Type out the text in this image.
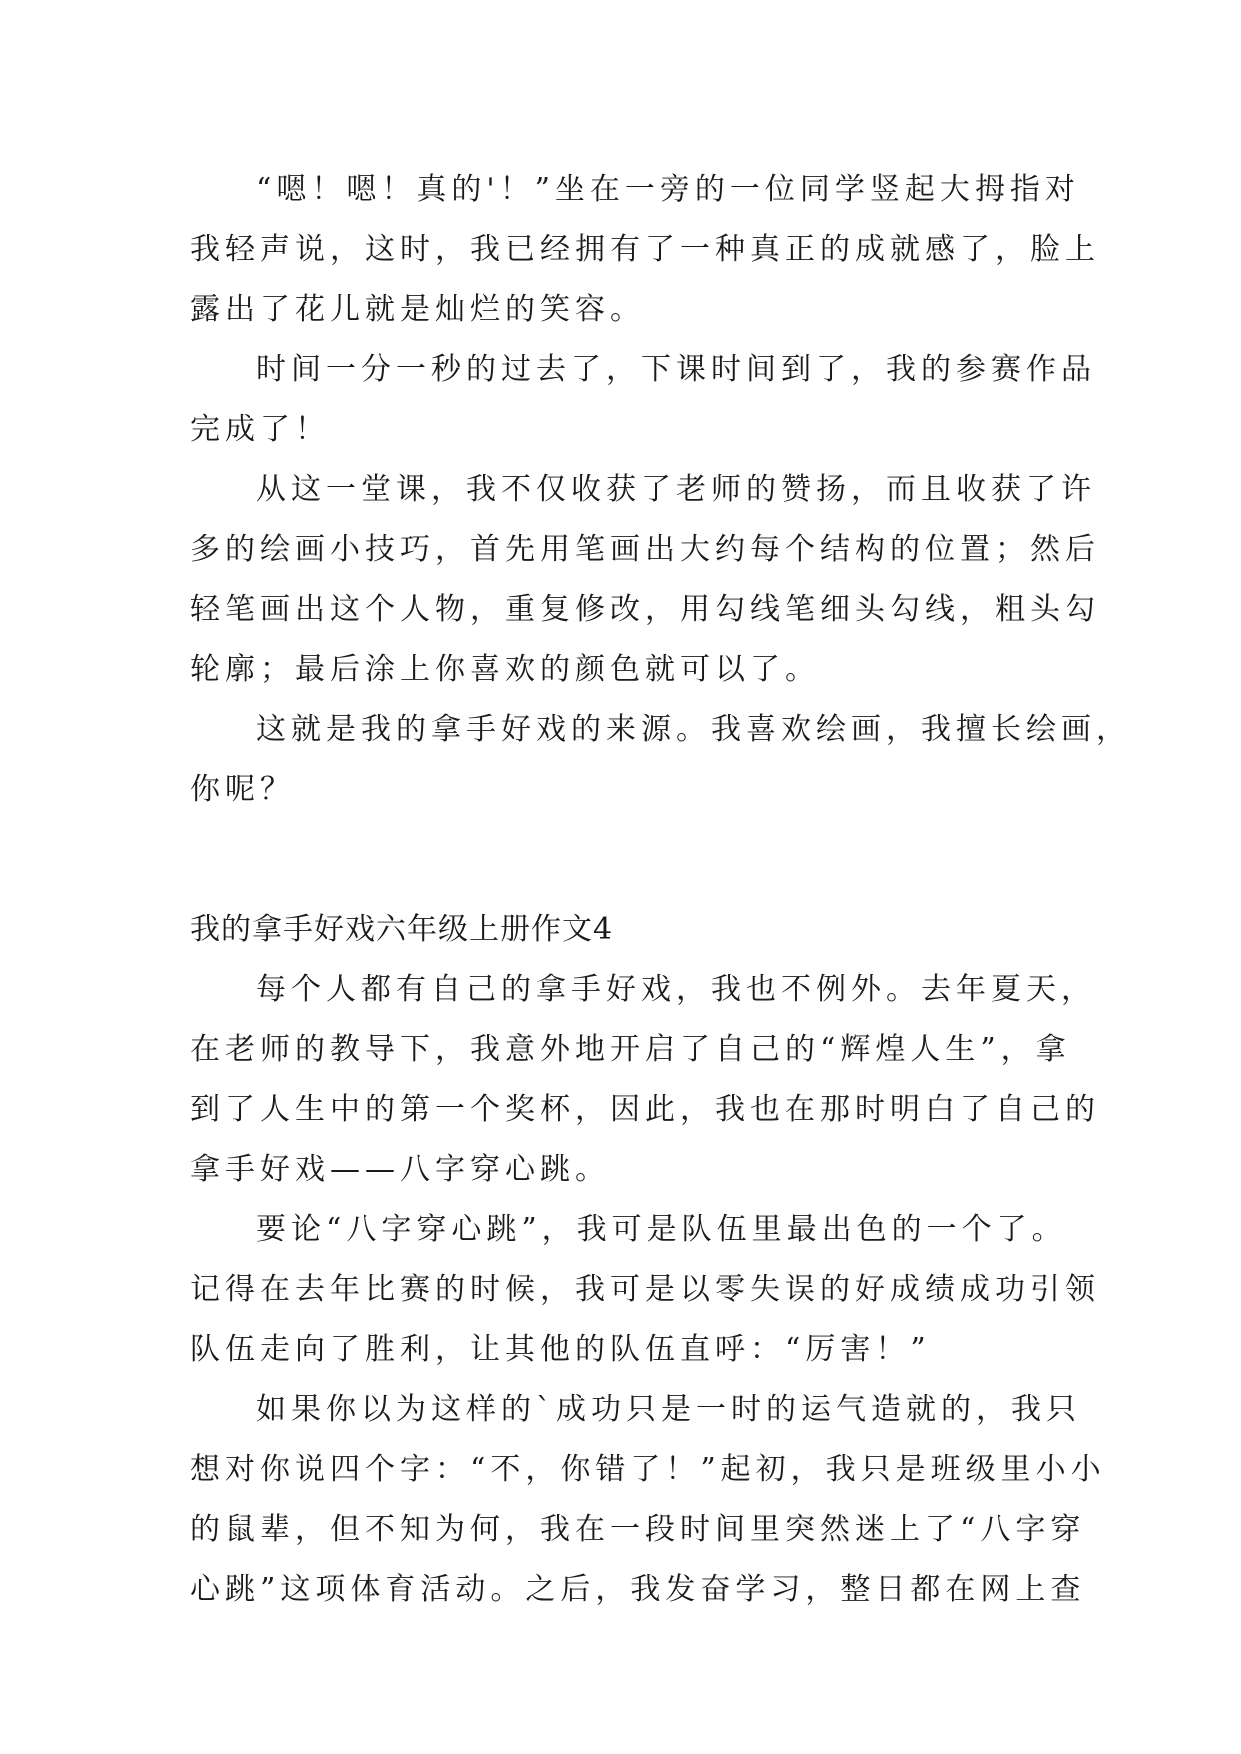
“嗯！嗯！真的'！”坐在一旁的一位同学竖起大拇指对
我轻声说，这时，我已经拥有了一种真正的成就感了，脸上
露出了花儿就是灿烂的笑容。
时间一分一秒的过去了，下课时间到了，我的参赛作品
完成了！
从这一堂课，我不仅收获了老师的赞扬，而且收获了许
多的绘画小技巧，首先用笔画出大约每个结构的位置；然后
轻笔画出这个人物，重复修改，用勾线笔细头勾线，粗头勾
轮廓；最后涂上你喜欢的颜色就可以了。
这就是我的拿手好戏的来源。我喜欢绘画，我擅长绘画，
你呢？
我的拿手好戏六年级上册作文4
每个人都有自己的拿手好戏，我也不例外。去年夏天，
在老师的教导下，我意外地开启了自己的“辉煌人生”，拿
到了人生中的第一个奖杯，因此，我也在那时明白了自己的
拿手好戏——八字穿心跳。
要论“八字穿心跳”，我可是队伍里最出色的一个了。
记得在去年比赛的时候，我可是以零失误的好成绩成功引领
队伍走向了胜利，让其他的队伍直呼：“厉害！”
如果你以为这样的`成功只是一时的运气造就的，我只
想对你说四个字：“不，你错了！”起初，我只是班级里小小
的鼠辈，但不知为何，我在一段时间里突然迷上了“八字穿
心跳”这项体育活动。之后，我发奋学习，整日都在网上查
